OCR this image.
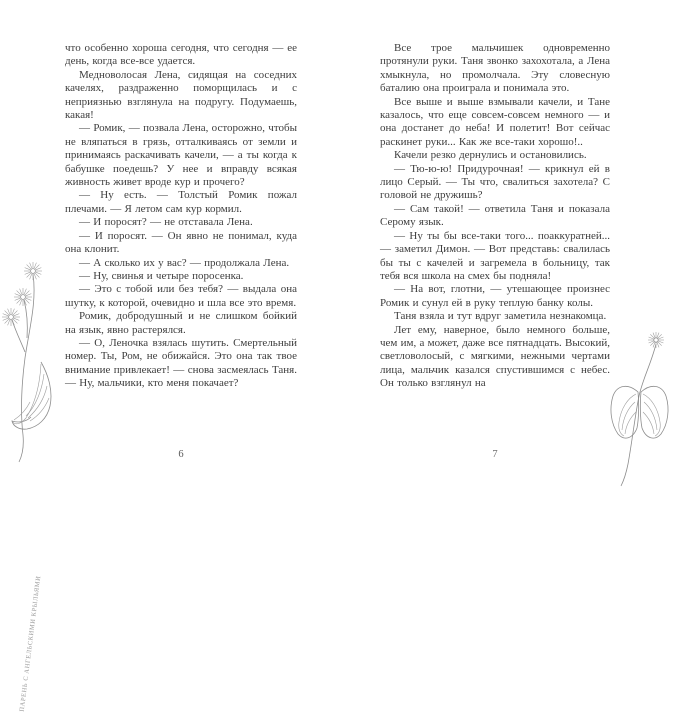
ПАРЕНЬ С АНГЕЛЬСКИМИ КРЫЛЬЯМИ

что особенно хороша сегодня, что сегодня — ее день, когда все-все удается.

Медноволосая Лена, сидящая на соседних качелях, раздраженно поморщилась и с неприязнью взглянула на подругу. Подумаешь, какая!

— Ромик, — позвала Лена, осторожно, чтобы не вляпаться в грязь, отталкиваясь от земли и принимаясь раскачивать качели, — а ты когда к бабушке поедешь? У нее и вправду всякая живность живет вроде кур и прочего?

— Ну есть. — Толстый Ромик пожал плечами. — Я летом сам кур кормил.

— И поросят? — не отставала Лена.

— И поросят. — Он явно не понимал, куда она клонит.

— А сколько их у вас? — продолжала Лена.

— Ну, свинья и четыре поросенка.

— Это с тобой или без тебя? — выдала она шутку, к которой, очевидно и шла все это время.

Ромик, добродушный и не слишком бойкий на язык, явно растерялся.

— О, Леночка взялась шутить. Смертельный номер. Ты, Ром, не обижайся. Это она так твое внимание привлекает! — снова засмеялась Таня. — Ну, мальчики, кто меня покачает?

6

Все трое мальчишек одновременно протянули руки. Таня звонко захохотала, а Лена хмыкнула, но промолчала. Эту словесную баталию она проиграла и понимала это.

Все выше и выше взмывали качели, и Тане казалось, что еще совсем-совсем немного — и она достанет до неба! И полетит! Вот сейчас раскинет руки... Как же все-таки хорошо!..

Качели резко дернулись и остановились.

— Тю-ю-ю! Придурочная! — крикнул ей в лицо Серый. — Ты что, свалиться захотела? С головой не дружишь?

— Сам такой! — ответила Таня и показала Серому язык.

— Ну ты бы все-таки того... поаккуратней... — заметил Димон. — Вот представь: свалилась бы ты с качелей и загремела в больницу, так тебя вся школа на смех бы подняла!

— На вот, глотни, — утешающее произнес Ромик и сунул ей в руку теплую банку колы.

Таня взяла и тут вдруг заметила незнакомца.

Лет ему, наверное, было немного больше, чем им, а может, даже все пятнадцать. Высокий, светловолосый, с мягкими, нежными чертами лица, мальчик казался спустившимся с небес. Он только взглянул на

7
